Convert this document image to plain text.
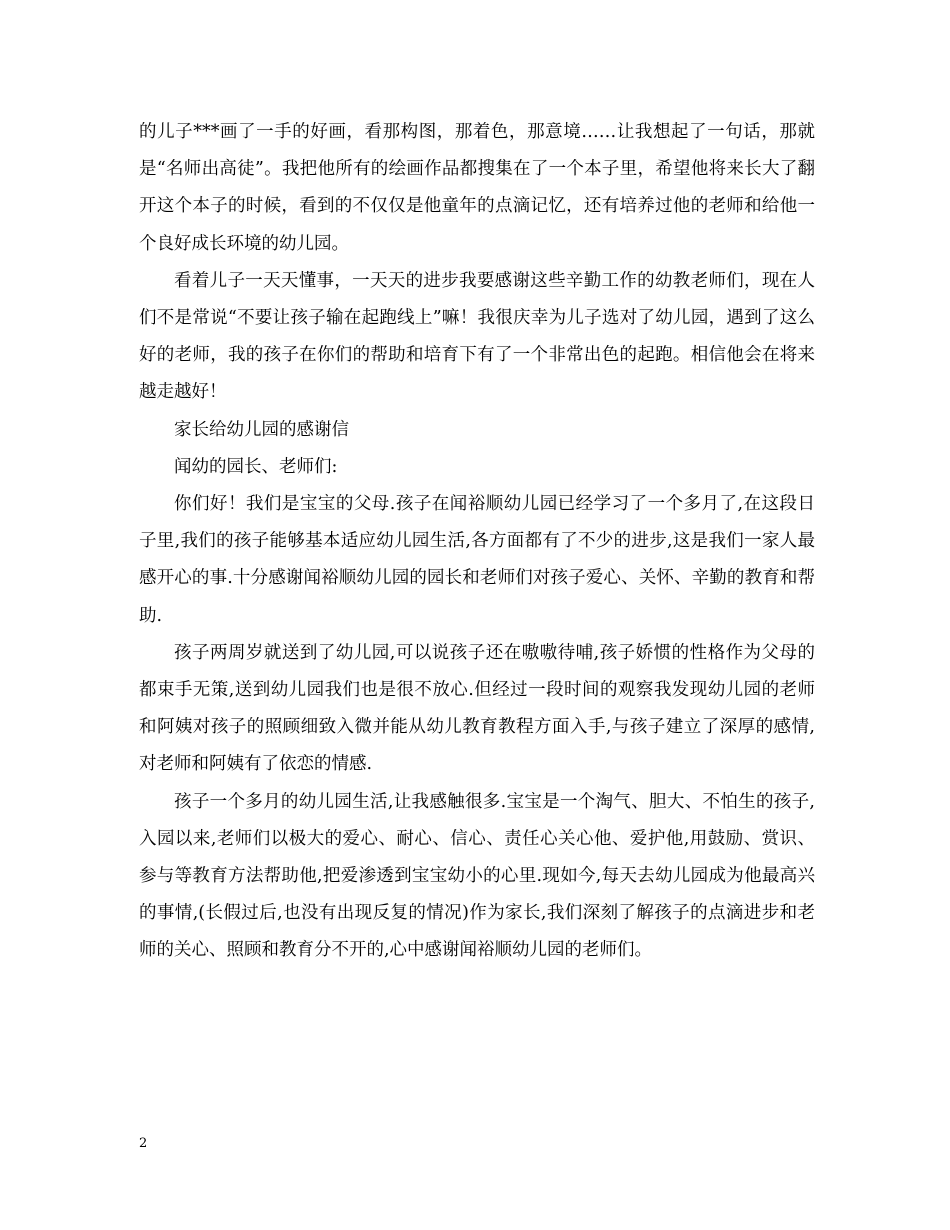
的儿子***画了一手的好画，看那构图，那着色，那意境……让我想起了一句话，那就是“名师出高徒”。我把他所有的绘画作品都搜集在了一个本子里，希望他将来长大了翻开这个本子的时候，看到的不仅仅是他童年的点滴记忆，还有培养过他的老师和给他一个良好成长环境的幼儿园。

看着儿子一天天懂事，一天天的进步我要感谢这些辛勤工作的幼教老师们，现在人们不是常说“不要让孩子输在起跑线上”嘛！我很庆幸为儿子选对了幼儿园，遇到了这么好的老师，我的孩子在你们的帮助和培育下有了一个非常出色的起跑。相信他会在将来越走越好！

家长给幼儿园的感谢信

闻幼的园长、老师们:

你们好！我们是宝宝的父母.孩子在闻裕顺幼儿园已经学习了一个多月了,在这段日子里,我们的孩子能够基本适应幼儿园生活,各方面都有了不少的进步,这是我们一家人最感开心的事.十分感谢闻裕顺幼儿园的园长和老师们对孩子爱心、关怀、辛勤的教育和帮助.

孩子两周岁就送到了幼儿园,可以说孩子还在嗷嗷待哺,孩子娇惯的性格作为父母的都束手无策,送到幼儿园我们也是很不放心.但经过一段时间的观察我发现幼儿园的老师和阿姨对孩子的照顾细致入微并能从幼儿教育教程方面入手,与孩子建立了深厚的感情,对老师和阿姨有了依恋的情感.

孩子一个多月的幼儿园生活,让我感触很多.宝宝是一个淘气、胆大、不怕生的孩子,入园以来,老师们以极大的爱心、耐心、信心、责任心关心他、爱护他,用鼓励、赏识、参与等教育方法帮助他,把爱渗透到宝宝幼小的心里.现如今,每天去幼儿园成为他最高兴的事情,(长假过后,也没有出现反复的情况)作为家长,我们深刻了解孩子的点滴进步和老师的关心、照顾和教育分不开的,心中感谢闻裕顺幼儿园的老师们。

2
